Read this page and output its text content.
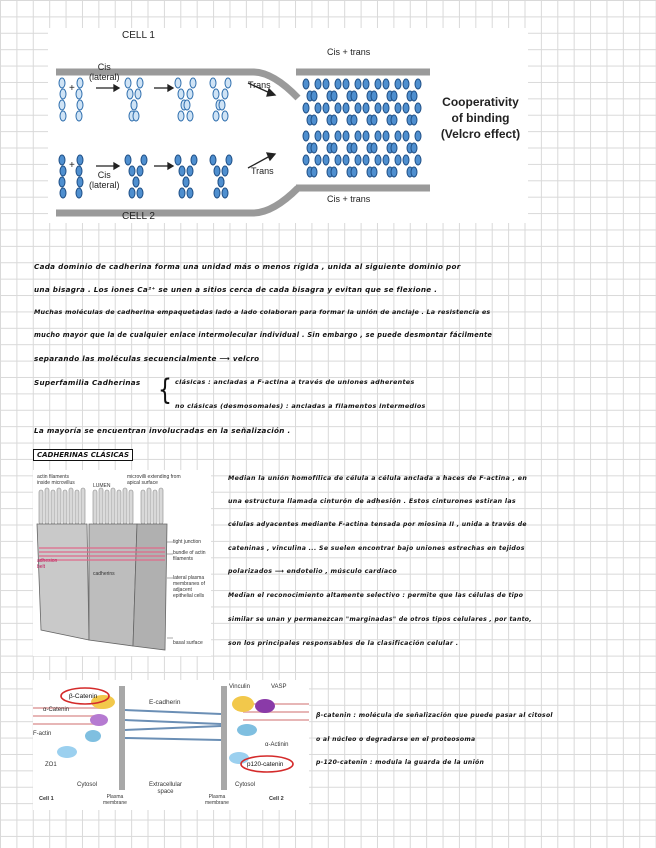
CELL 1
CELL 2
Cis
(lateral)
Cis
(lateral)
+
+
Trans
Trans
Cis + trans
Cis + trans
Cooperativity
of binding
(Velcro effect)
Cada dominio de cadherina forma una unidad más o menos rígida , unida al siguiente dominio por
una bisagra . Los iones Ca²⁺ se unen a sitios cerca de cada bisagra y evitan que se flexione .
Muchas moléculas de cadherina empaquetadas lado a lado colaboran para formar la unión de anclaje . La resistencia es
mucho mayor que la de cualquier enlace intermolecular individual . Sin embargo , se puede desmontar fácilmente
separando las moléculas secuencialmente ⟶ velcro
Superfamilia Cadherinas { clásicas : ancladas a F-actina a través de uniones adherentes
no clásicas (desmosomales) : ancladas a filamentos intermedios
La mayoría se encuentran involucradas en la señalización .
CADHERINAS CLÁSICAS
actin filaments inside microvillus
microvilli extending from apical surface
LUMEN
tight junction
bundle of actin filaments
adhesion belt
cadherins
lateral plasma membranes of adjacent epithelial cells
basal surface
Median la unión homofílica de célula a célula anclada a haces de F-actina , en
una estructura llamada cinturón de adhesión . Estos cinturones estiran las
células adyacentes mediante F-actina tensada por miosina II , unida a través de
cateninas , vinculina ... Se suelen encontrar bajo uniones estrechas en tejidos
polarizados ⟶ endotelio , músculo cardíaco
Median el reconocimiento altamente selectivo : permite que las células de tipo
similar se unan y permanezcan "marginadas" de otros tipos celulares , por tanto,
son los principales responsables de la clasificación celular .
β-Catenin
α-Catenin
F-actin
ZO1
E-cadherin
Vinculin	VASP
α-Actinin
p120-catenin
Cytosol	Extracellular
space
Cytosol
Cell 1	Plasma
membrane
Plasma
membrane
Cell 2
β-catenin : molécula de señalización que puede pasar al citosol
o al núcleo o degradarse en el proteosoma
p-120-catenin : modula la guarda de la unión
